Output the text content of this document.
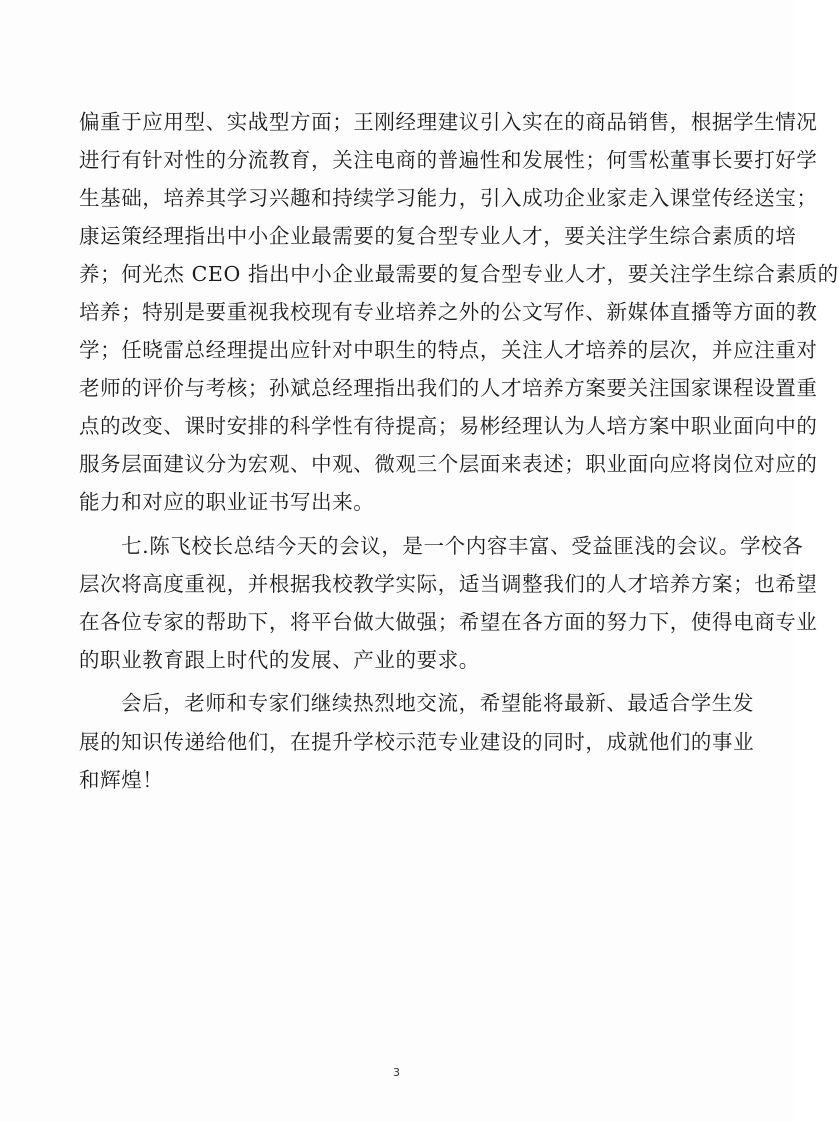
偏重于应用型、实战型方面；王刚经理建议引入实在的商品销售，根据学生情况
进行有针对性的分流教育，关注电商的普遍性和发展性；何雪松董事长要打好学
生基础，培养其学习兴趣和持续学习能力，引入成功企业家走入课堂传经送宝；
康运策经理指出中小企业最需要的复合型专业人才，要关注学生综合素质的培
养；何光杰 CEO 指出中小企业最需要的复合型专业人才，要关注学生综合素质的
培养；特别是要重视我校现有专业培养之外的公文写作、新媒体直播等方面的教
学；任晓雷总经理提出应针对中职生的特点，关注人才培养的层次，并应注重对
老师的评价与考核；孙斌总经理指出我们的人才培养方案要关注国家课程设置重
点的改变、课时安排的科学性有待提高；易彬经理认为人培方案中职业面向中的
服务层面建议分为宏观、中观、微观三个层面来表述；职业面向应将岗位对应的
能力和对应的职业证书写出来。
七.陈飞校长总结今天的会议，是一个内容丰富、受益匪浅的会议。学校各
层次将高度重视，并根据我校教学实际，适当调整我们的人才培养方案；也希望
在各位专家的帮助下，将平台做大做强；希望在各方面的努力下，使得电商专业
的职业教育跟上时代的发展、产业的要求。
会后，老师和专家们继续热烈地交流，希望能将最新、最适合学生发
展的知识传递给他们，在提升学校示范专业建设的同时，成就他们的事业
和辉煌！
3
